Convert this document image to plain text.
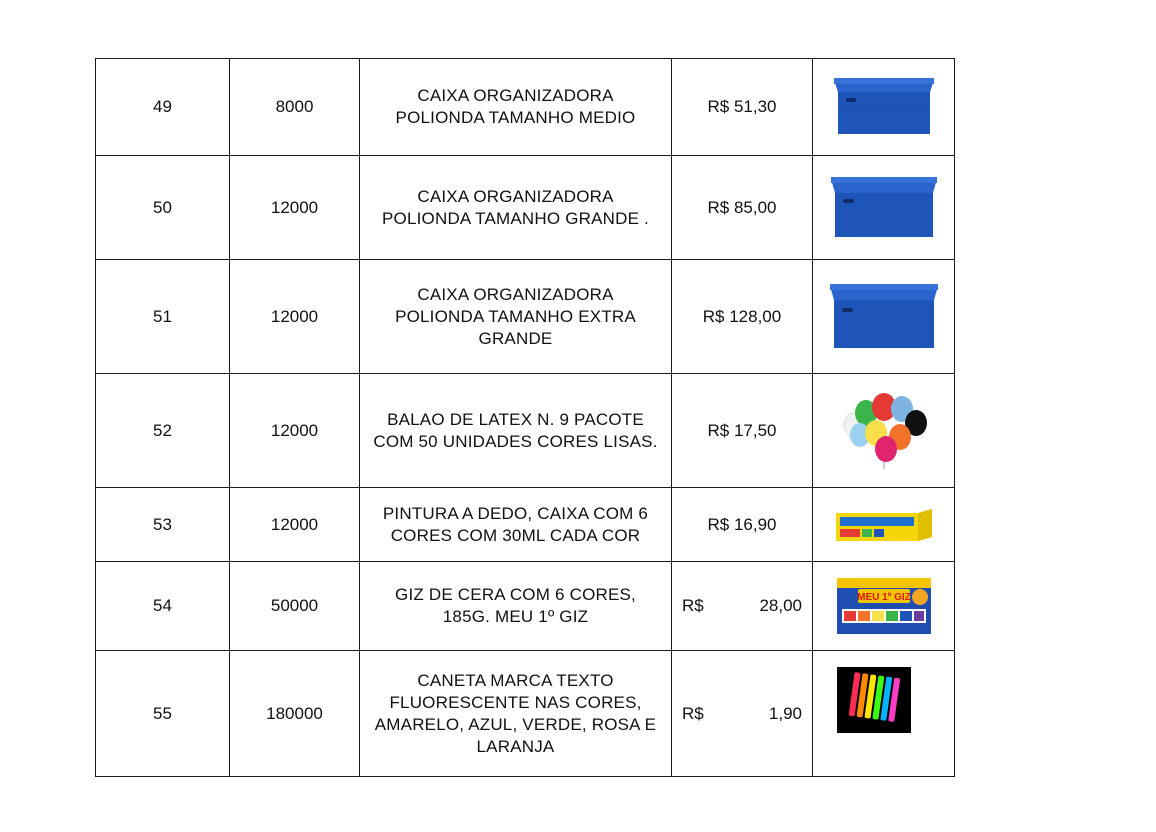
49	8000	CAIXA ORGANIZADORA
POLIONDA TAMANHO MEDIO	R$ 51,30	

50	12000	CAIXA ORGANIZADORA
POLIONDA TAMANHO GRANDE .	R$ 85,00	

51	12000	CAIXA ORGANIZADORA
POLIONDA TAMANHO EXTRA
GRANDE	R$ 128,00	

52	12000	BALAO DE LATEX N. 9 PACOTE
COM 50 UNIDADES CORES LISAS.	R$ 17,50	

53	12000	PINTURA A DEDO, CAIXA COM 6
CORES COM 30ML CADA COR	R$ 16,90	

54	50000	GIZ DE CERA COM 6 CORES,
185G. MEU 1º GIZ	R$ 28,00	MEU 1º GIZ

55	180000	CANETA MARCA TEXTO
FLUORESCENTE NAS CORES,
AMARELO, AZUL, VERDE, ROSA E
LARANJA	R$ 1,90
